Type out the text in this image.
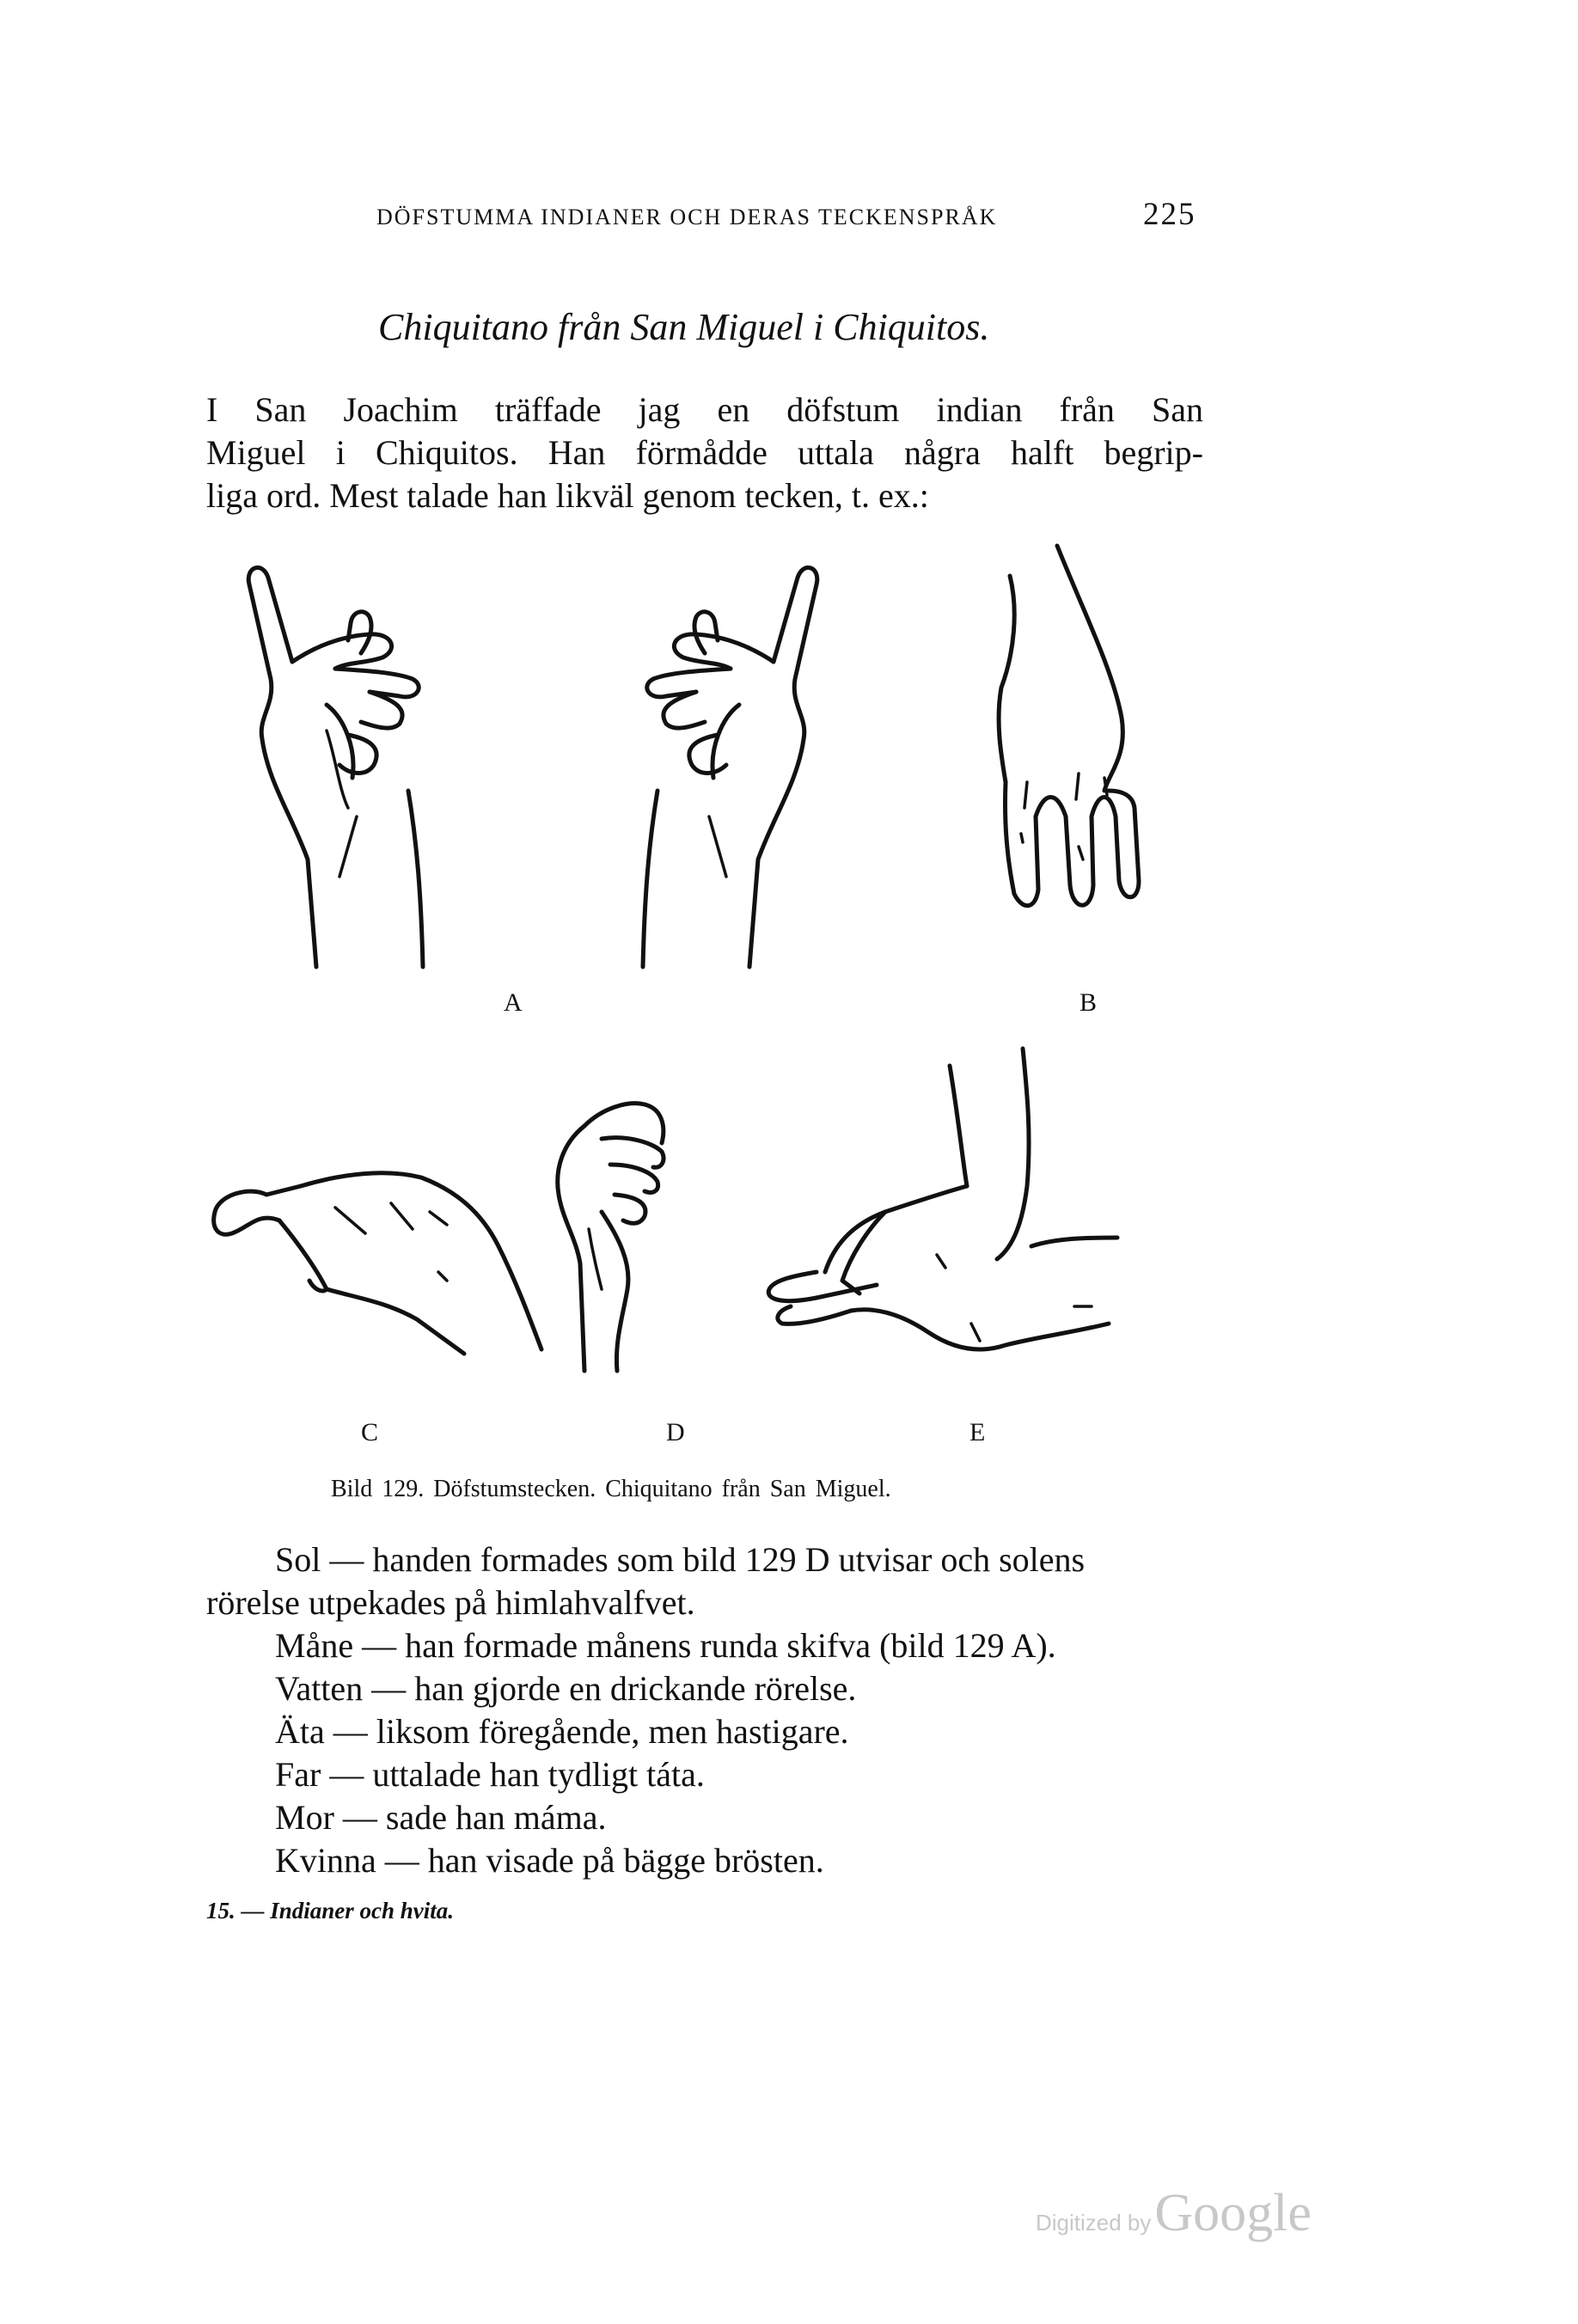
DÖFSTUMMA INDIANER OCH DERAS TECKENSPRÅK	225
Chiquitano från San Miguel i Chiquitos.

I San Joachim träffade jag en döfstum indian från San

Miguel i Chiquitos. Han förmådde uttala några halft begrip-

liga ord. Mest talade han likväl genom tecken, t. ex.:

A	B
C	D	E
Bild 129. Döfstumstecken. Chiquitano från San Miguel.
Sol — handen formades som bild 129 D utvisar och solens
rörelse utpekades på himlahvalfvet.
Måne — han formade månens runda skifva (bild 129 A).
Vatten — han gjorde en drickande rörelse.
Äta — liksom föregående, men hastigare.
Far — uttalade han tydligt táta.
Mor — sade han máma.
Kvinna — han visade på bägge brösten.
15. — Indianer och hvita.
Digitized by Google
